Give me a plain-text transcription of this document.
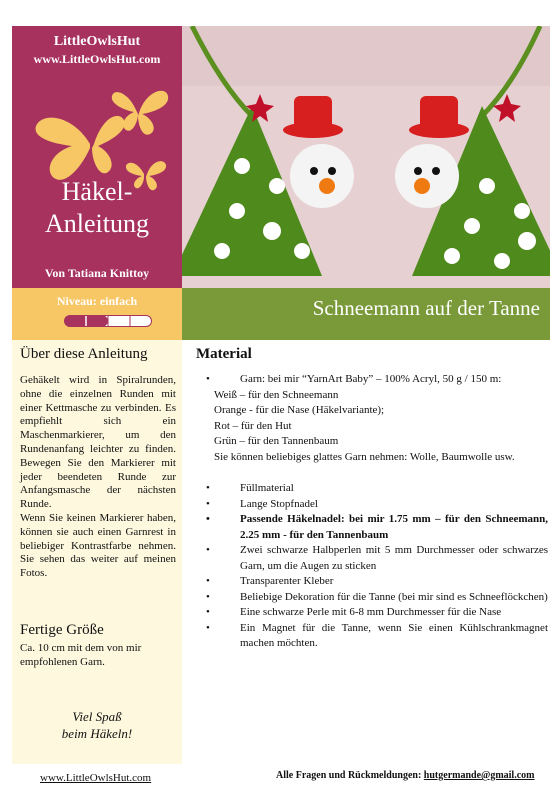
LittleOwlsHut
www.LittleOwlsHut.com
Häkel-
Anleitung
Von Tatiana Knittoy
Niveau: einfach	Schneemann auf der Tanne
Über diese Anleitung
Gehäkelt wird in Spiralrunden, ohne die einzelnen Runden mit einer Kettmasche zu verbinden. Es empfiehlt sich ein Maschenmarkierer, um den Rundenanfang leichter zu finden. Bewegen Sie den Markierer mit jeder beendeten Runde zur Anfangsmasche der nächsten Runde.
Wenn Sie keinen Markierer haben, können sie auch einen Garnrest in beliebiger Kontrastfarbe nehmen. Sie sehen das weiter auf meinen Fotos.
Fertige Größe
Ca. 10 cm mit dem von mir empfohlenen Garn.
Viel Spaß
beim Häkeln!
Material
•	Garn: bei mir “YarnArt Baby” – 100% Acryl, 50 g / 150 m:
Weiß – für den Schneemann
Orange - für die Nase (Häkelvariante);
Rot – für den Hut
Grün – für den Tannenbaum
Sie können beliebiges glattes Garn nehmen: Wolle, Baumwolle usw.
•	Füllmaterial
•	Lange Stopfnadel
•	Passende Häkelnadel: bei mir 1.75 mm – für den Schneemann, 2.25 mm - für den Tannenbaum
•	Zwei schwarze Halbperlen mit 5 mm Durchmesser oder schwarzes Garn, um die Augen zu sticken
•	Transparenter Kleber
•	Beliebige Dekoration für die Tanne (bei mir sind es Schneeflöckchen)
•	Eine schwarze Perle mit 6-8 mm Durchmesser für die Nase
•	Ein Magnet für die Tanne, wenn Sie einen Kühlschrankmagnet machen möchten.
www.LittleOwlsHut.com	Alle Fragen und Rückmeldungen: hutgermande@gmail.com
